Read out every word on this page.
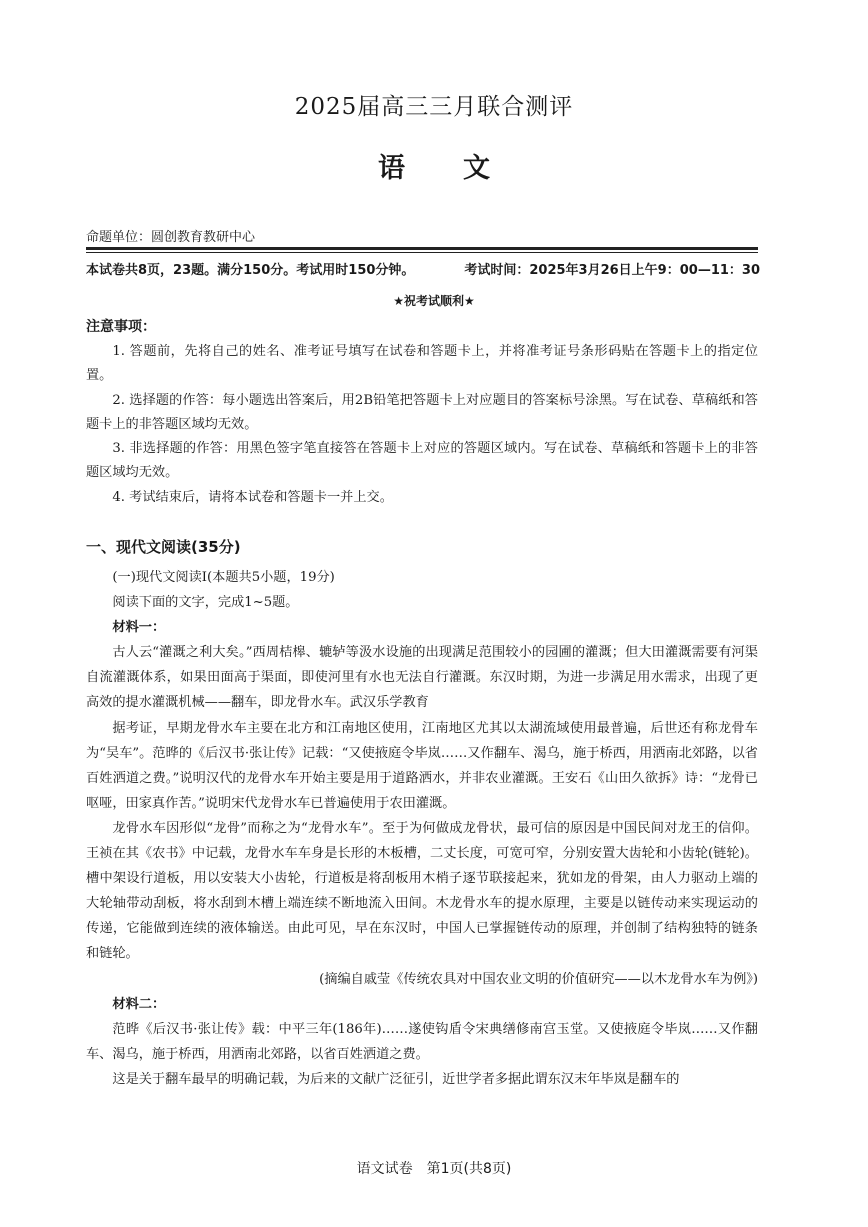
2025届高三三月联合测评
语文
命题单位：圆创教育教研中心
本试卷共8页，23题。满分150分。考试用时150分钟。	考试时间：2025年3月26日上午9：00—11：30
★祝考试顺利★
注意事项：

1. 答题前，先将自己的姓名、准考证号填写在试卷和答题卡上，并将准考证号条形码贴在答题卡上的指定位置。

2. 选择题的作答：每小题选出答案后，用2B铅笔把答题卡上对应题目的答案标号涂黑。写在试卷、草稿纸和答题卡上的非答题区域均无效。

3. 非选择题的作答：用黑色签字笔直接答在答题卡上对应的答题区域内。写在试卷、草稿纸和答题卡上的非答题区域均无效。

4. 考试结束后，请将本试卷和答题卡一并上交。

一、现代文阅读(35分)

(一)现代文阅读Ⅰ(本题共5小题，19分)

阅读下面的文字，完成1~5题。

材料一：

古人云“灌溉之利大矣。”西周桔槔、辘轳等汲水设施的出现满足范围较小的园圃的灌溉；但大田灌溉需要有河渠自流灌溉体系，如果田面高于渠面，即使河里有水也无法自行灌溉。东汉时期，为进一步满足用水需求，出现了更高效的提水灌溉机械——翻车，即龙骨水车。武汉乐学教育

据考证，早期龙骨水车主要在北方和江南地区使用，江南地区尤其以太湖流域使用最普遍，后世还有称龙骨车为“吴车”。范晔的《后汉书·张让传》记载：“又使掖庭令毕岚……又作翻车、渴乌，施于桥西，用洒南北郊路，以省百姓洒道之费。”说明汉代的龙骨水车开始主要是用于道路洒水，并非农业灌溉。王安石《山田久欲拆》诗：“龙骨已呕哑，田家真作苦。”说明宋代龙骨水车已普遍使用于农田灌溉。

龙骨水车因形似“龙骨”而称之为“龙骨水车”。至于为何做成龙骨状，最可信的原因是中国民间对龙王的信仰。王祯在其《农书》中记载，龙骨水车车身是长形的木板槽，二丈长度，可宽可窄，分别安置大齿轮和小齿轮(链轮)。槽中架设行道板，用以安装大小齿轮，行道板是将刮板用木梢子逐节联接起来，犹如龙的骨架，由人力驱动上端的大轮轴带动刮板，将水刮到木槽上端连续不断地流入田间。木龙骨水车的提水原理，主要是以链传动来实现运动的传递，它能做到连续的液体输送。由此可见，早在东汉时，中国人已掌握链传动的原理，并创制了结构独特的链条和链轮。

(摘编自戚莹《传统农具对中国农业文明的价值研究——以木龙骨水车为例》)

材料二：

范晔《后汉书·张让传》载：中平三年(186年)……遂使钩盾令宋典缮修南宫玉堂。又使掖庭令毕岚……又作翻车、渴乌，施于桥西，用洒南北郊路，以省百姓洒道之费。

这是关于翻车最早的明确记载，为后来的文献广泛征引，近世学者多据此谓东汉末年毕岚是翻车的

语文试卷　第1页(共8页)
